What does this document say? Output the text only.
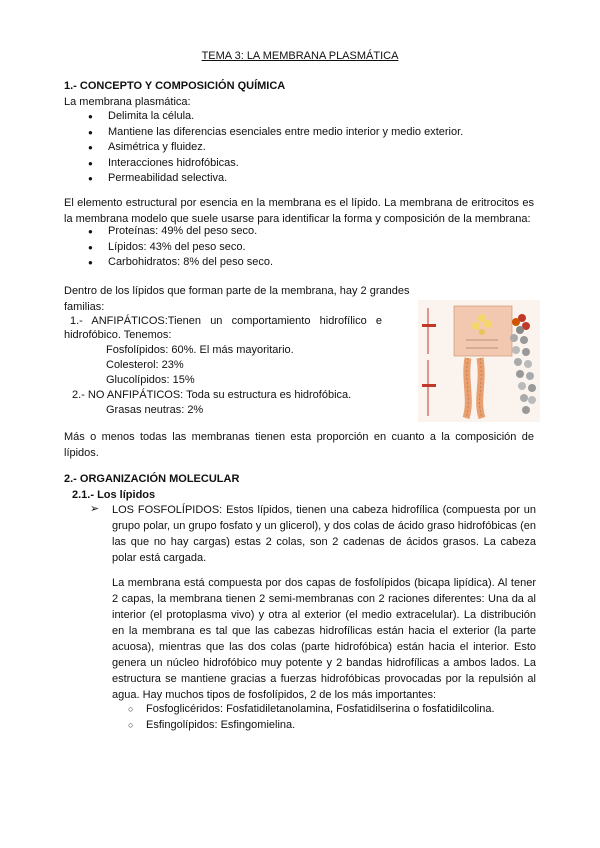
TEMA 3: LA MEMBRANA PLASMÁTICA
1.- CONCEPTO Y COMPOSICIÓN QUÍMICA
La membrana plasmática:
● Delimita la célula.
● Mantiene las diferencias esenciales entre medio interior y medio exterior.
● Asimétrica y fluidez.
● Interacciones hidrofóbicas.
● Permeabilidad selectiva.
El elemento estructural por esencia en la membrana es el lípido. La membrana de eritrocitos es la membrana modelo que suele usarse para identificar la forma y composición de la membrana:
● Proteínas: 49% del peso seco.
● Lípidos: 43% del peso seco.
● Carbohidratos: 8% del peso seco.
Dentro de los lípidos que forman parte de la membrana, hay 2 grandes familias:
1.-   ANFIPÁTICOS:Tienen   un   comportamiento   hidrofílico   e
hidrofóbico. Tenemos:
Fosfolípidos: 60%. El más mayoritario.
Colesterol: 23%
Glucolípidos: 15%
2.- NO ANFIPÁTICOS: Toda su estructura es hidrofóbica.
Grasas neutras: 2%
Más o menos todas las membranas tienen esta proporción en cuanto a la composición de lípidos.
2.- ORGANIZACIÓN MOLECULAR
2.1.- Los lípidos
➢ LOS FOSFOLÍPIDOS: Estos lípidos, tienen una cabeza hidrofílica (compuesta por un grupo polar, un grupo fosfato y un glicerol), y dos colas de ácido graso hidrofóbicas (en las que no hay cargas) estas 2 colas, son 2 cadenas de ácidos grasos. La cabeza polar está cargada.
La membrana está compuesta por dos capas de fosfolípidos (bicapa lipídica). Al tener 2 capas, la membrana tienen 2 semi-membranas con 2 raciones diferentes: Una da al interior (el protoplasma vivo) y otra al exterior (el medio extracelular). La distribución en la membrana es tal que las cabezas hidrofílicas están hacia el exterior (la parte acuosa), mientras que las dos colas (parte hidrofóbica) están hacia el interior. Esto genera un núcleo hidrofóbico muy potente y 2 bandas hidrofílicas a ambos lados. La estructura se mantiene gracias a fuerzas hidrofóbicas provocadas por la repulsión al agua. Hay muchos tipos de fosfolípidos, 2 de los más importantes:
○ Fosfoglicéridos: Fosfatidiletanolamina, Fosfatidilserina o fosfatidilcolina.
○ Esfingolípidos: Esfingomielina.
